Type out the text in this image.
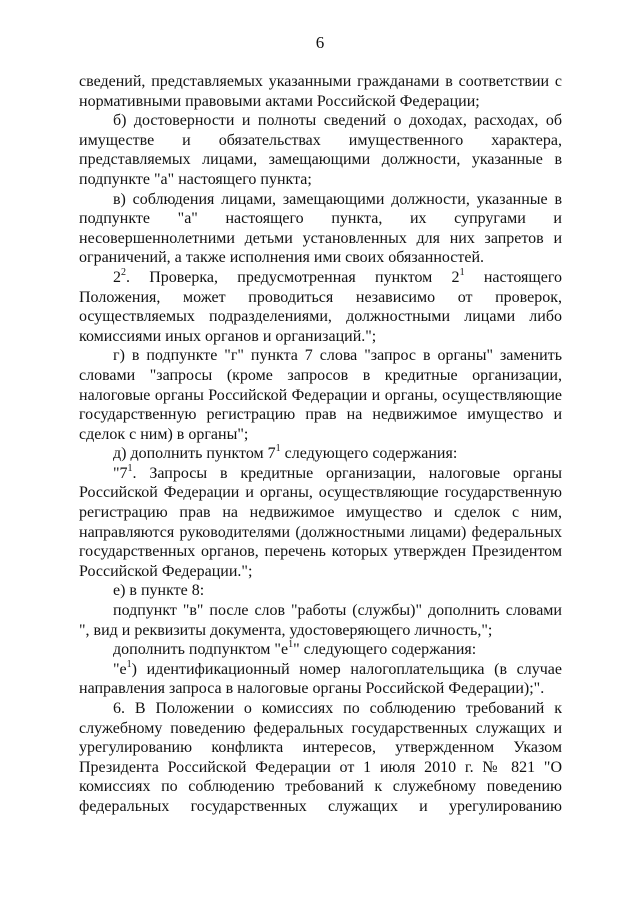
6

сведений, представляемых указанными гражданами в соответствии с нормативными правовыми актами Российской Федерации;

б) достоверности и полноты сведений о доходах, расходах, об имуществе и обязательствах имущественного характера, представляемых лицами, замещающими должности, указанные в подпункте "а" настоящего пункта;

в) соблюдения лицами, замещающими должности, указанные в подпункте "а" настоящего пункта, их супругами и несовершеннолетними детьми установленных для них запретов и ограничений, а также исполнения ими своих обязанностей.

$2^2$. Проверка, предусмотренная пунктом $2^1$ настоящего Положения, может проводиться независимо от проверок, осуществляемых подразделениями, должностными лицами либо комиссиями иных органов и организаций.";

г) в подпункте "г" пункта 7 слова "запрос в органы" заменить словами "запросы (кроме запросов в кредитные организации, налоговые органы Российской Федерации и органы, осуществляющие государственную регистрацию прав на недвижимое имущество и сделок с ним) в органы";

д) дополнить пунктом $7^1$ следующего содержания:

"$7^1$. Запросы в кредитные организации, налоговые органы Российской Федерации и органы, осуществляющие государственную регистрацию прав на недвижимое имущество и сделок с ним, направляются руководителями (должностными лицами) федеральных государственных органов, перечень которых утвержден Президентом Российской Федерации.";

е) в пункте 8:

подпункт "в" после слов "работы (службы)" дополнить словами ", вид и реквизиты документа, удостоверяющего личность,";

дополнить подпунктом "$е^1$" следующего содержания:

"$е^1$) идентификационный номер налогоплательщика (в случае направления запроса в налоговые органы Российской Федерации);".

6. В Положении о комиссиях по соблюдению требований к служебному поведению федеральных государственных служащих и урегулированию конфликта интересов, утвержденном Указом Президента Российской Федерации от 1 июля 2010 г. № 821 "О комиссиях по соблюдению требований к служебному поведению федеральных государственных служащих и урегулированию
